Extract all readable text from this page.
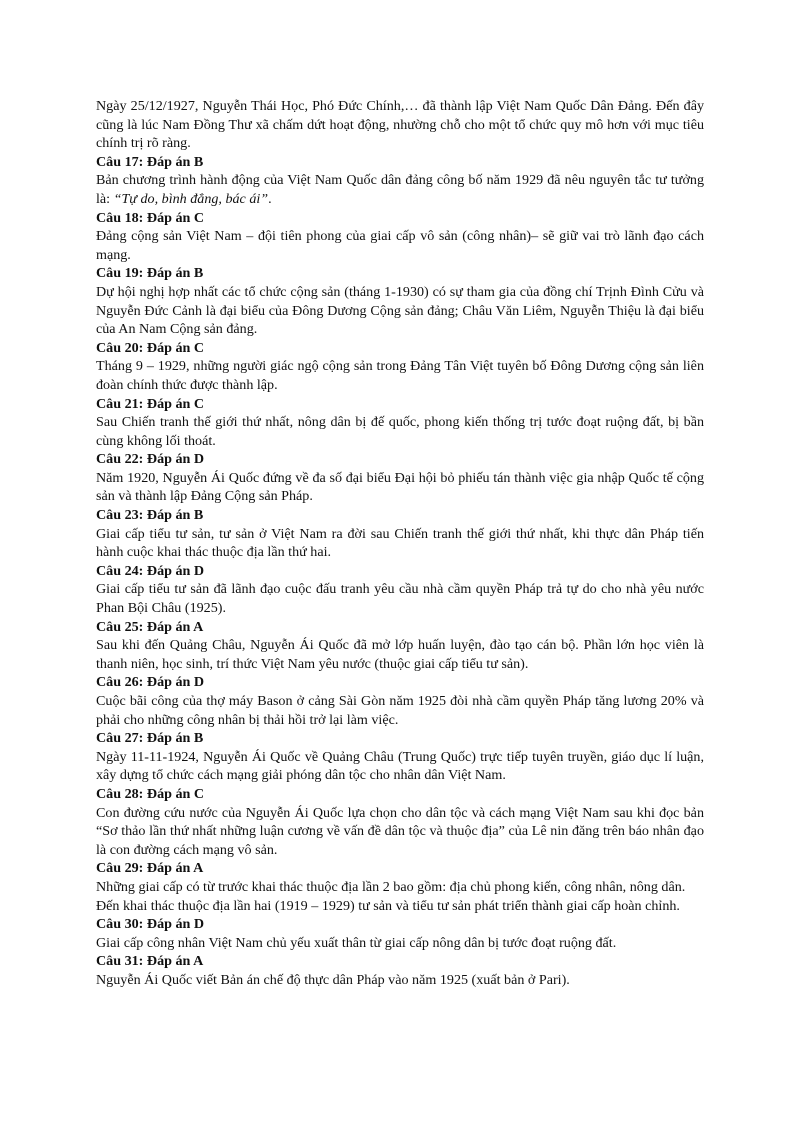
Ngày 25/12/1927, Nguyễn Thái Học, Phó Đức Chính,… đã thành lập Việt Nam Quốc Dân Đảng. Đến đây cũng là lúc Nam Đồng Thư xã chấm dứt hoạt động, nhường chỗ cho một tổ chức quy mô hơn với mục tiêu chính trị rõ ràng.

Câu 17: Đáp án B

Bản chương trình hành động của Việt Nam Quốc dân đảng công bố năm 1929 đã nêu nguyên tắc tư tưởng là: “Tự do, bình đẳng, bác ái”.

Câu 18: Đáp án C

Đảng cộng sản Việt Nam – đội tiên phong của giai cấp vô sản (công nhân)– sẽ giữ vai trò lãnh đạo cách mạng.

Câu 19: Đáp án B

Dự hội nghị hợp nhất các tổ chức cộng sản (tháng 1-1930) có sự tham gia của đồng chí Trịnh Đình Cửu và Nguyễn Đức Cảnh là đại biểu của Đông Dương Cộng sản đảng; Châu Văn Liêm, Nguyễn Thiệu là đại biểu của An Nam Cộng sản đảng.

Câu 20: Đáp án C

Tháng 9 – 1929, những người giác ngộ cộng sản trong Đảng Tân Việt tuyên bố Đông Dương cộng sản liên đoàn chính thức được thành lập.

Câu 21: Đáp án C

Sau Chiến tranh thế giới thứ nhất, nông dân bị đế quốc, phong kiến thống trị tước đoạt ruộng đất, bị bần cùng không lối thoát.

Câu 22: Đáp án D

Năm 1920, Nguyễn Ái Quốc đứng về đa số đại biểu Đại hội bỏ phiếu tán thành việc gia nhập Quốc tế cộng sản và thành lập Đảng Cộng sản Pháp.

Câu 23: Đáp án B

Giai cấp tiểu tư sản, tư sản ở Việt Nam ra đời sau Chiến tranh thế giới thứ nhất, khi thực dân Pháp tiến hành cuộc khai thác thuộc địa lần thứ hai.

Câu 24: Đáp án D

Giai cấp tiểu tư sản đã lãnh đạo cuộc đấu tranh yêu cầu nhà cầm quyền Pháp trả tự do cho nhà yêu nước Phan Bội Châu (1925).

Câu 25: Đáp án A

Sau khi đến Quảng Châu, Nguyễn Ái Quốc đã mở lớp huấn luyện, đào tạo cán bộ. Phần lớn học viên là thanh niên, học sinh, trí thức Việt Nam yêu nước (thuộc giai cấp tiểu tư sản).

Câu 26: Đáp án D

Cuộc bãi công của thợ máy Bason ở cảng Sài Gòn năm 1925 đòi nhà cầm quyền Pháp tăng lương 20% và phải cho những công nhân bị thải hồi trở lại làm việc.

Câu 27: Đáp án B

Ngày 11-11-1924, Nguyễn Ái Quốc về Quảng Châu (Trung Quốc) trực tiếp tuyên truyền, giáo dục lí luận, xây dựng tổ chức cách mạng giải phóng dân tộc cho nhân dân Việt Nam.

Câu 28: Đáp án C

Con đường cứu nước của Nguyễn Ái Quốc lựa chọn cho dân tộc và cách mạng Việt Nam sau khi đọc bản “Sơ thảo lần thứ nhất những luận cương về vấn đề dân tộc và thuộc địa” của Lê nin đăng trên báo nhân đạo là con đường cách mạng vô sản.

Câu 29: Đáp án A

Những giai cấp có từ trước khai thác thuộc địa lần 2 bao gồm: địa chủ phong kiến, công nhân, nông dân.

Đến khai thác thuộc địa lần hai (1919 – 1929) tư sản và tiểu tư sản phát triển thành giai cấp hoàn chỉnh.

Câu 30: Đáp án D

Giai cấp công nhân Việt Nam chủ yếu xuất thân từ giai cấp nông dân bị tước đoạt ruộng đất.

Câu 31: Đáp án A

Nguyễn Ái Quốc viết Bản án chế độ thực dân Pháp vào năm 1925 (xuất bản ở Pari).
